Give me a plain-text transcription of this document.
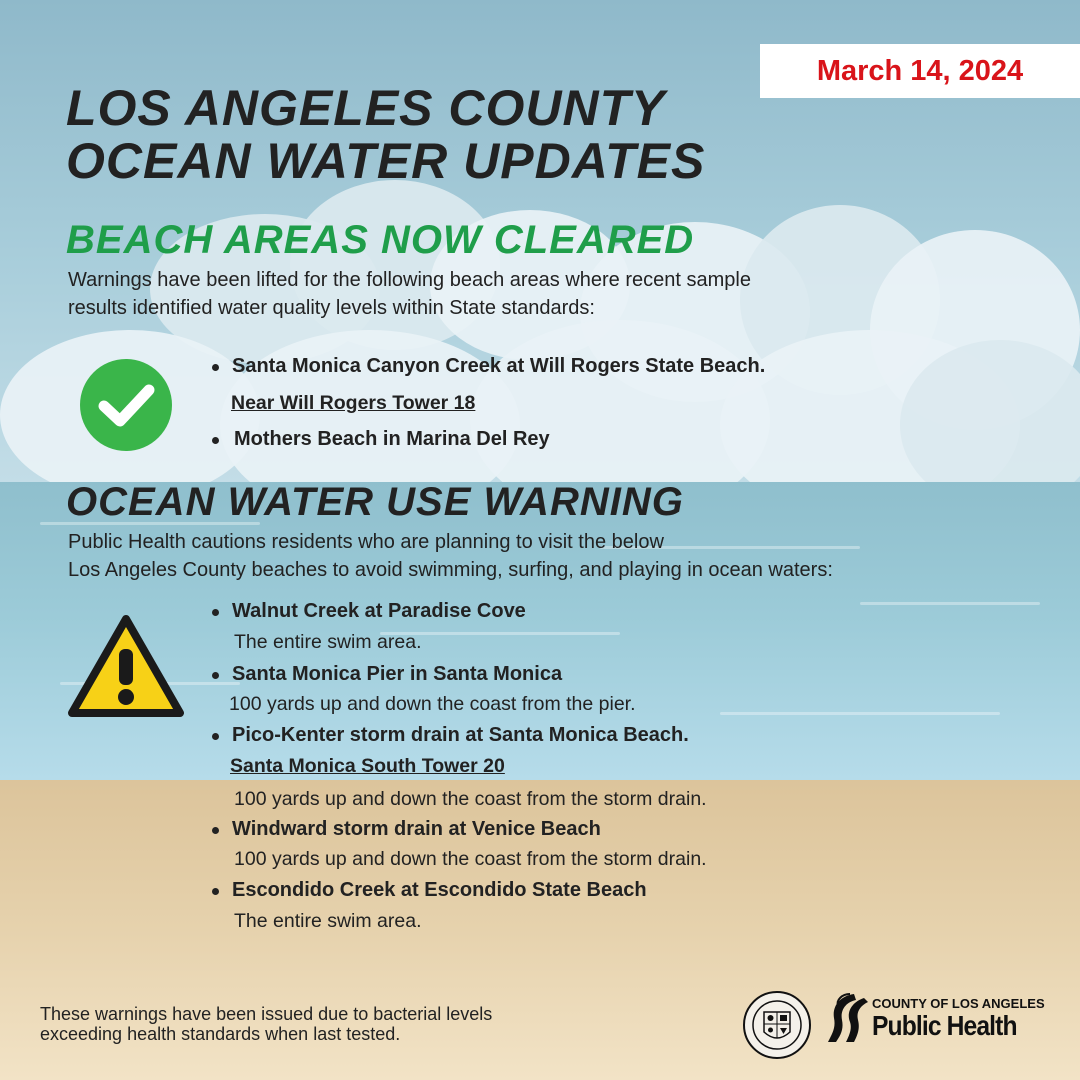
March 14, 2024
LOS ANGELES COUNTY
OCEAN WATER UPDATES
BEACH AREAS NOW CLEARED

Warnings have been lifted for the following beach areas where recent sample
results identified water quality levels within State standards:

Santa Monica Canyon Creek at Will Rogers State Beach.
Near Will Rogers Tower 18
Mothers Beach in Marina Del Rey
OCEAN WATER USE WARNING

Public Health cautions residents who are planning to visit the below
Los Angeles County beaches to avoid swimming, surfing, and playing in ocean waters:

Walnut Creek at Paradise Cove
The entire swim area.
Santa Monica Pier in Santa Monica
100 yards up and down the coast from the pier.
Pico-Kenter storm drain at Santa Monica Beach.
Santa Monica South Tower 20
100 yards up and down the coast from the storm drain.
Windward storm drain at Venice Beach
100 yards up and down the coast from the storm drain.
Escondido Creek at Escondido State Beach
The entire swim area.

These warnings have been issued due to bacterial levels
exceeding health standards when last tested.

COUNTY OF LOS ANGELES
Public Health
